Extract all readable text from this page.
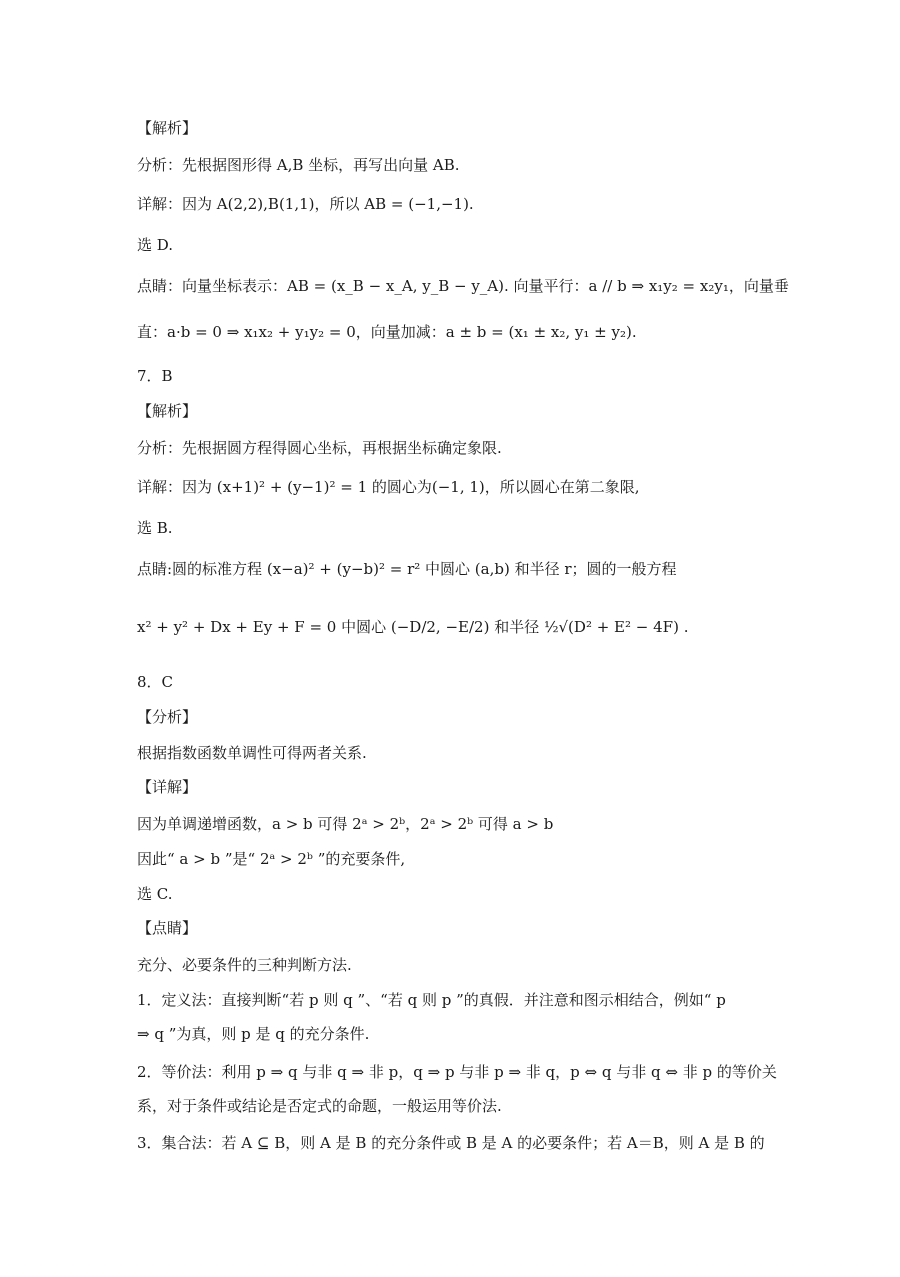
【解析】
分析：先根据图形得 A,B 坐标，再写出向量 AB.
详解：因为 A(2,2),B(1,1)，所以 AB = (−1,−1).
选 D.
点睛：向量坐标表示：AB = (x_B − x_A, y_B − y_A). 向量平行：a // b ⇒ x₁y₂ = x₂y₁，向量垂
直：a·b = 0 ⇒ x₁x₂ + y₁y₂ = 0，向量加减：a ± b = (x₁ ± x₂, y₁ ± y₂).
7．B
【解析】
分析：先根据圆方程得圆心坐标，再根据坐标确定象限.
详解：因为 (x+1)² + (y−1)² = 1 的圆心为(−1, 1)，所以圆心在第二象限,
选 B.
点睛:圆的标准方程 (x−a)² + (y−b)² = r² 中圆心 (a,b) 和半径 r；圆的一般方程
x² + y² + Dx + Ey + F = 0 中圆心 (−D/2, −E/2) 和半径 ½√(D² + E² − 4F) .
8．C
【分析】
根据指数函数单调性可得两者关系.
【详解】
因为单调递增函数，a > b 可得 2ᵃ > 2ᵇ，2ᵃ > 2ᵇ 可得 a > b
因此“ a > b ”是“ 2ᵃ > 2ᵇ ”的充要条件,
选 C.
【点睛】
充分、必要条件的三种判断方法.
1．定义法：直接判断“若 p 则 q ”、“若 q 则 p ”的真假．并注意和图示相结合，例如“ p
⇒ q ”为真，则 p 是 q 的充分条件.
2．等价法：利用 p ⇒ q 与非 q ⇒ 非 p，q ⇒ p 与非 p ⇒ 非 q，p ⇔ q 与非 q ⇔ 非 p 的等价关
系，对于条件或结论是否定式的命题，一般运用等价法.
3．集合法：若 A ⊆ B，则 A 是 B 的充分条件或 B 是 A 的必要条件；若 A＝B，则 A 是 B 的
